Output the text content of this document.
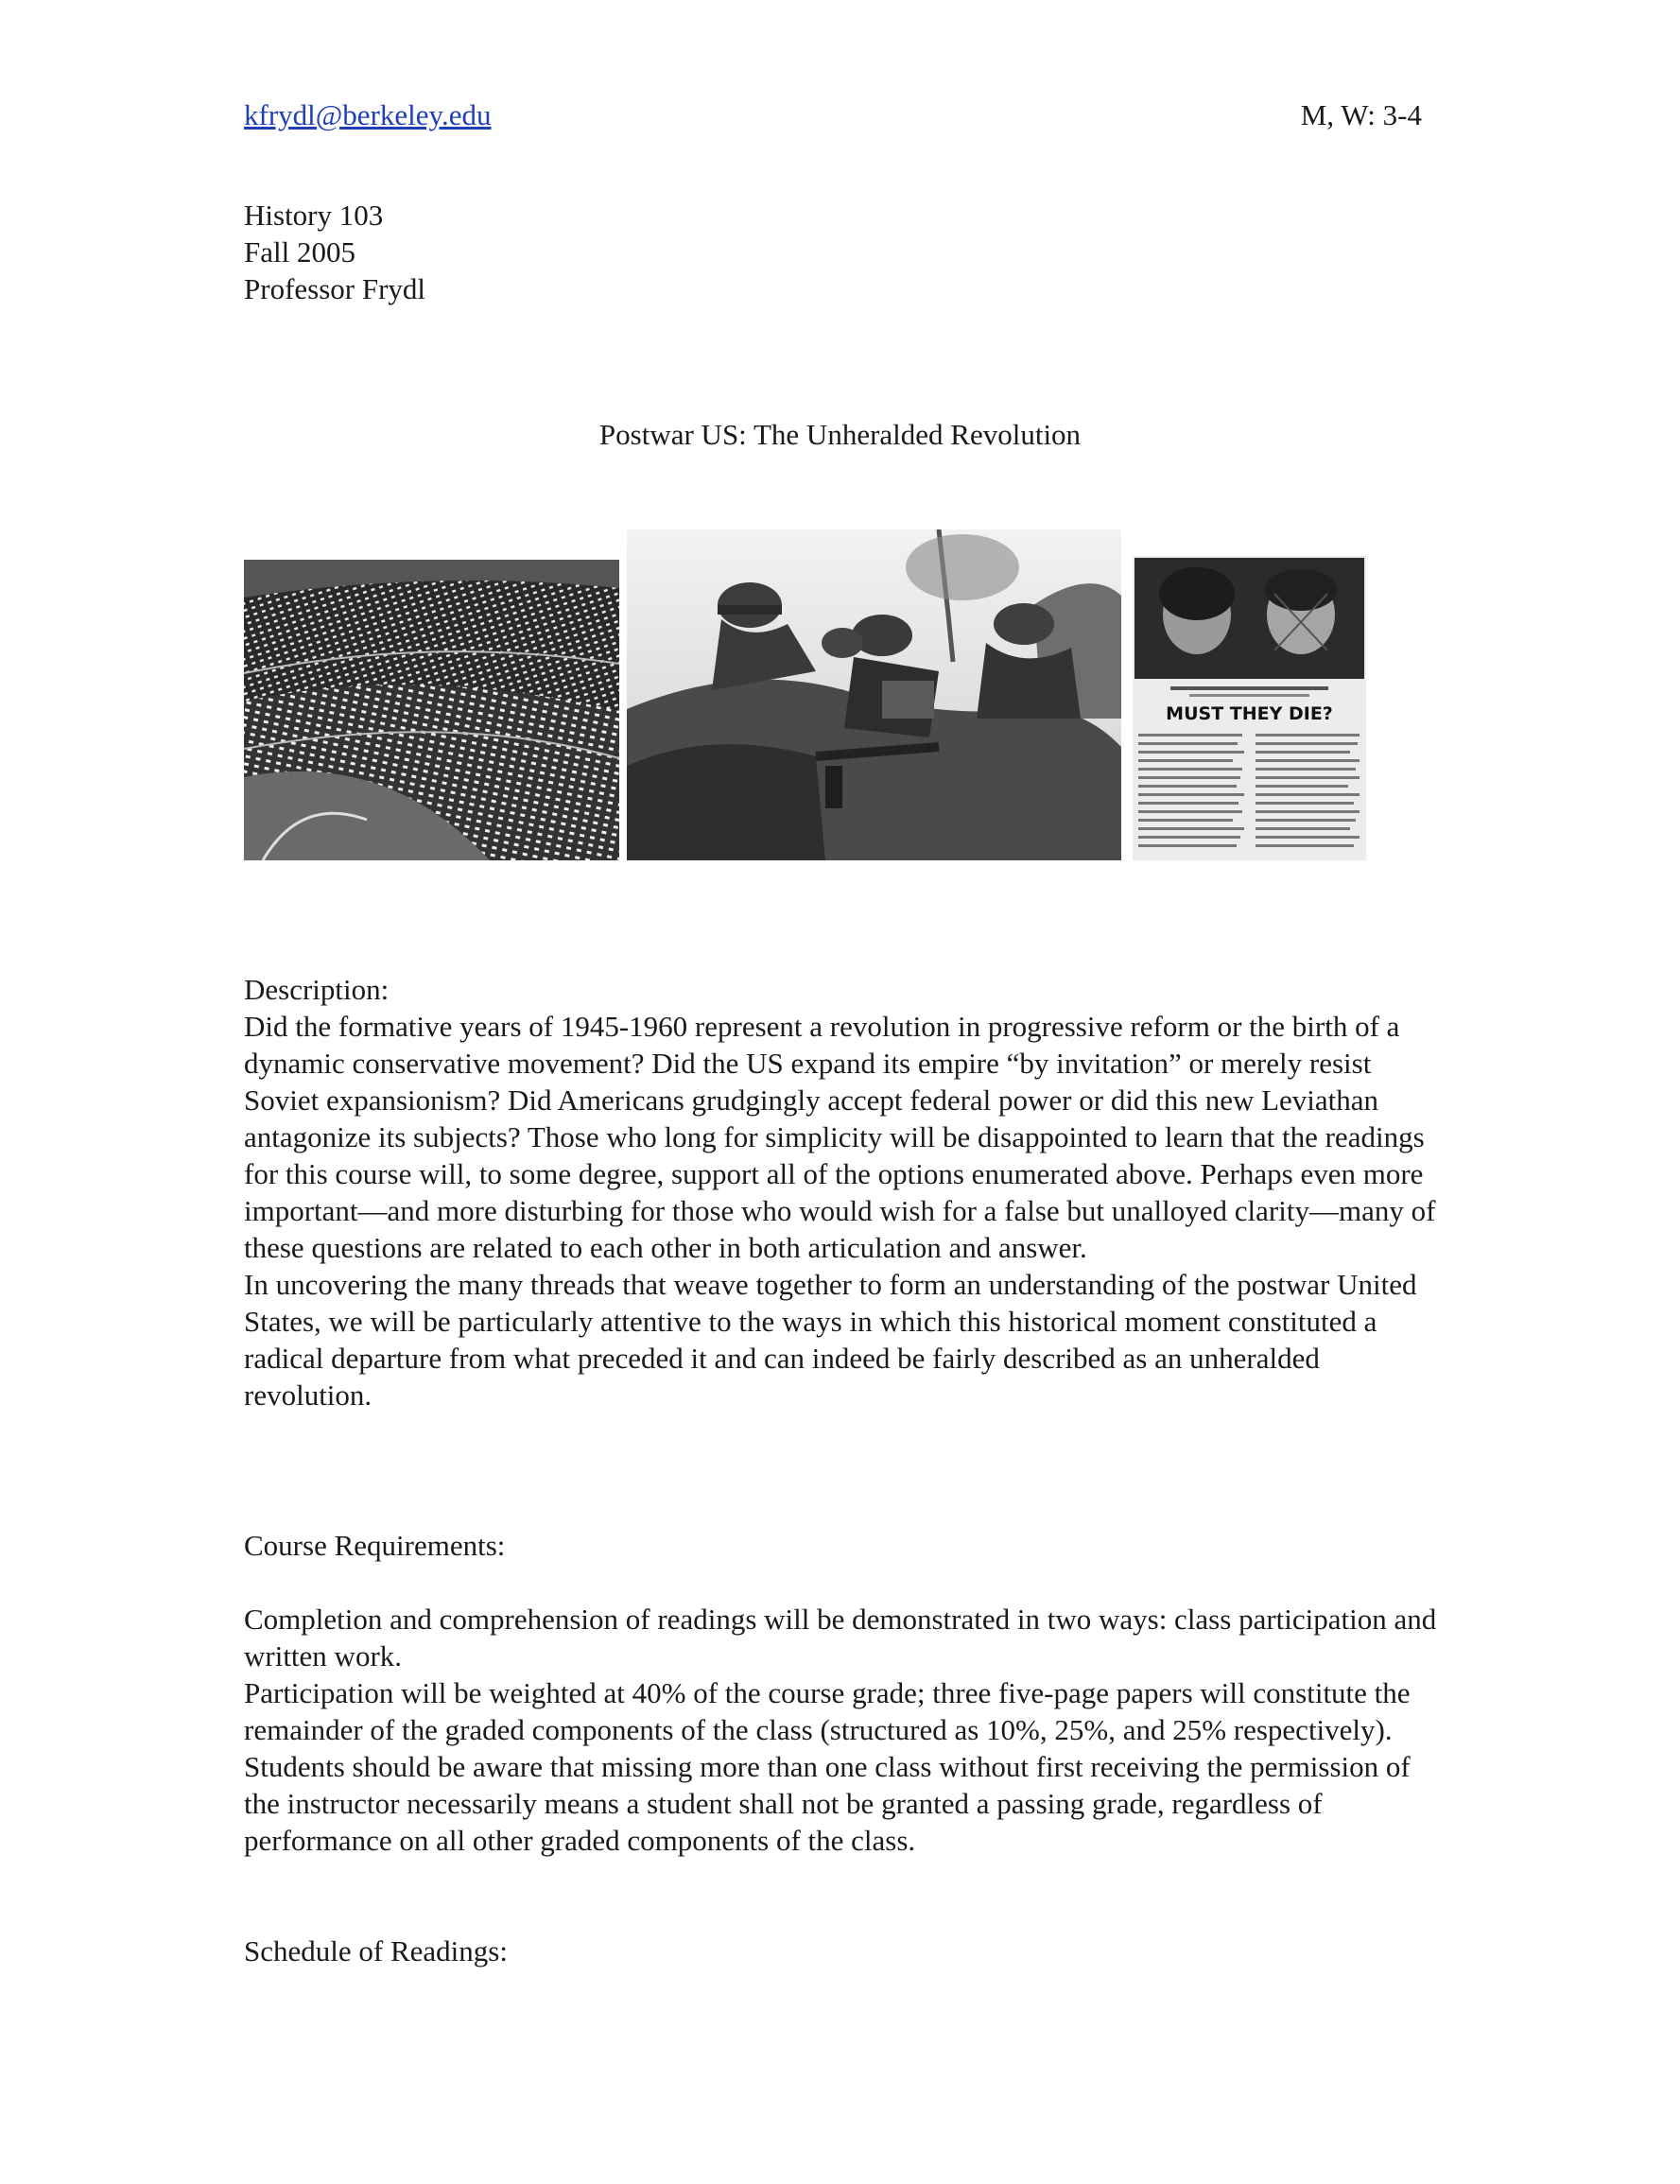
kfrydl@berkeley.edu	M, W: 3-4
History 103
Fall 2005
Professor Frydl
Postwar US: The Unheralded Revolution
MUST THEY DIE?

Description:

Did the formative years of 1945-1960 represent a revolution in progressive reform or the birth of a dynamic conservative movement? Did the US expand its empire “by invitation” or merely resist Soviet expansionism? Did Americans grudgingly accept federal power or did this new Leviathan antagonize its subjects? Those who long for simplicity will be disappointed to learn that the readings for this course will, to some degree, support all of the options enumerated above. Perhaps even more important—and more disturbing for those who would wish for a false but unalloyed clarity—many of these questions are related to each other in both articulation and answer.

In uncovering the many threads that weave together to form an understanding of the postwar United States, we will be particularly attentive to the ways in which this historical moment constituted a radical departure from what preceded it and can indeed be fairly described as an unheralded revolution.

Course Requirements:

Completion and comprehension of readings will be demonstrated in two ways: class participation and written work.

Participation will be weighted at 40% of the course grade; three five-page papers will constitute the remainder of the graded components of the class (structured as 10%, 25%, and 25% respectively).

Students should be aware that missing more than one class without first receiving the permission of the instructor necessarily means a student shall not be granted a passing grade, regardless of performance on all other graded components of the class.

Schedule of Readings:
